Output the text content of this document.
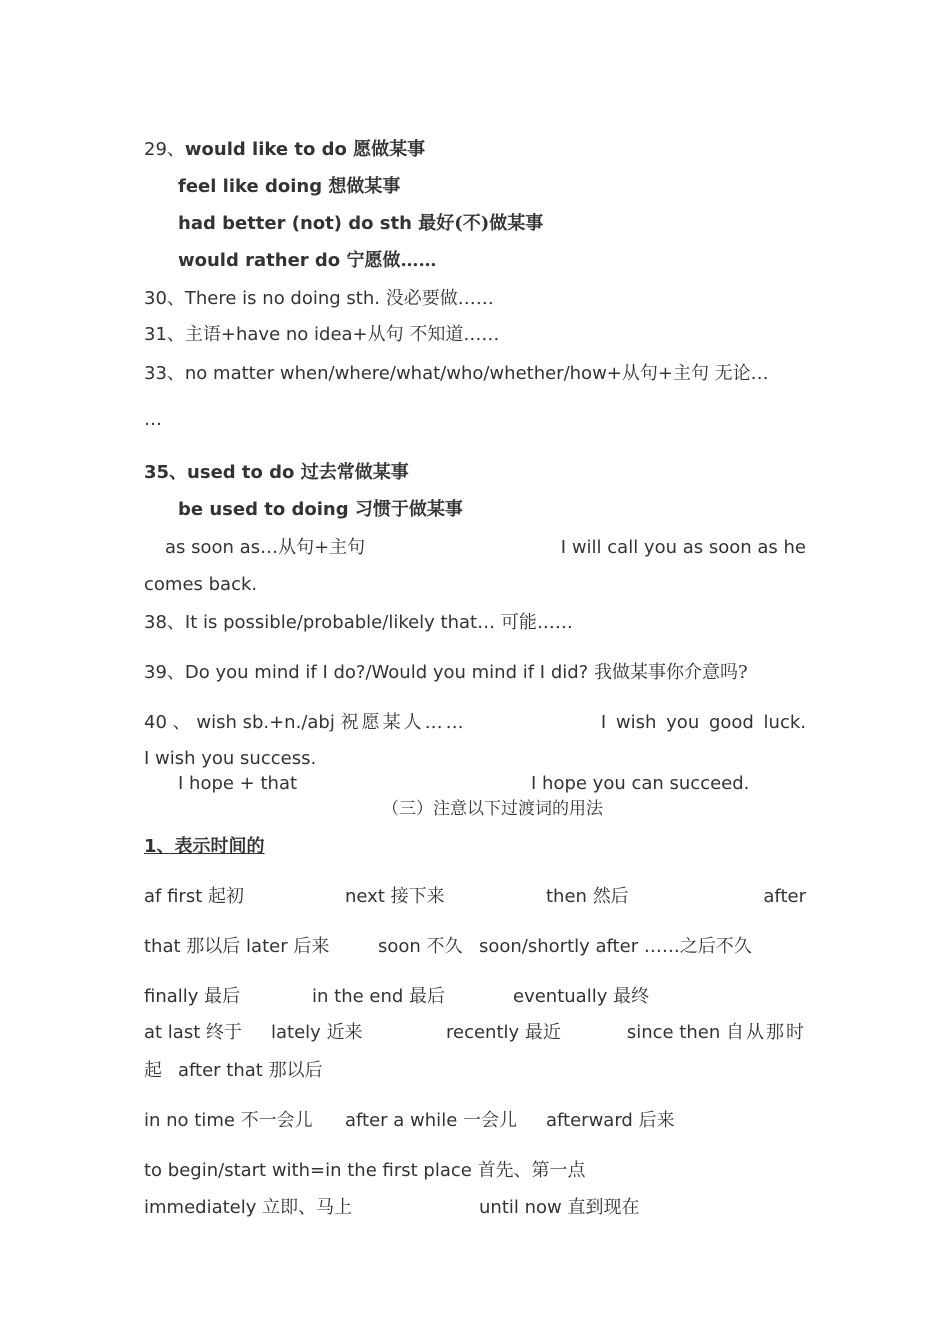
29、would like to do 愿做某事
feel like doing 想做某事
had better (not) do sth 最好(不)做某事
would rather do 宁愿做……
30、There is no doing sth. 没必要做……
31、主语+have no idea+从句 不知道……
33、no matter when/where/what/who/whether/how+从句+主句 无论…
…
35、used to do 过去常做某事
be used to doing 习惯于做某事
as soon as…从句+主句	I will call you as soon as he
comes back.
38、It is possible/probable/likely that… 可能……
39、Do you mind if I do?/Would you mind if I did? 我做某事你介意吗?
40 、 wish sb.+n./abj 祝愿某人……	I wish you good luck.
I wish you success.
I hope + that	I hope you can succeed.
（三）注意以下过渡词的用法
1、表示时间的
af first 起初	next 接下来	then 然后	after
that 那以后 later 后来	soon 不久 soon/shortly after ……之后不久
finally 最后	in the end 最后	eventually 最终
at last 终于 lately 近来	recently 最近	since then 自从那时
起 after that 那以后
in no time 不一会儿 after a while 一会儿 afterward 后来
to begin/start with=in the first place 首先、第一点
immediately 立即、马上	until now 直到现在
